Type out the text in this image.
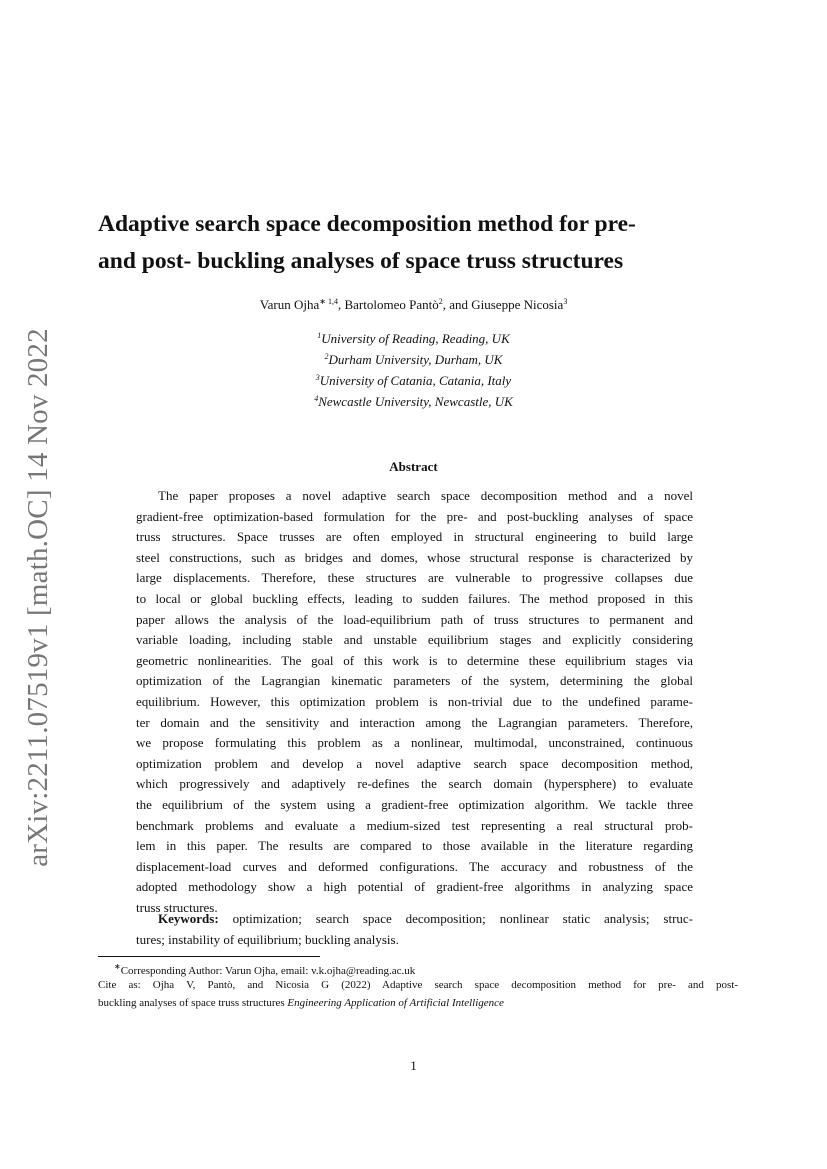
arXiv:2211.07519v1 [math.OC] 14 Nov 2022
Adaptive search space decomposition method for pre-
and post- buckling analyses of space truss structures
Varun Ojha$^{∗ 1,4}$, Bartolomeo Pantò$^2$, and Giuseppe Nicosia$^3$
$^1$University of Reading, Reading, UK
$^2$Durham University, Durham, UK
$^3$University of Catania, Catania, Italy
$^4$Newcastle University, Newcastle, UK
Abstract
The paper proposes a novel adaptive search space decomposition method and a novel
gradient-free optimization-based formulation for the pre- and post-buckling analyses of space
truss structures. Space trusses are often employed in structural engineering to build large
steel constructions, such as bridges and domes, whose structural response is characterized by
large displacements. Therefore, these structures are vulnerable to progressive collapses due
to local or global buckling effects, leading to sudden failures. The method proposed in this
paper allows the analysis of the load-equilibrium path of truss structures to permanent and
variable loading, including stable and unstable equilibrium stages and explicitly considering
geometric nonlinearities. The goal of this work is to determine these equilibrium stages via
optimization of the Lagrangian kinematic parameters of the system, determining the global
equilibrium. However, this optimization problem is non-trivial due to the undefined parame-
ter domain and the sensitivity and interaction among the Lagrangian parameters. Therefore,
we propose formulating this problem as a nonlinear, multimodal, unconstrained, continuous
optimization problem and develop a novel adaptive search space decomposition method,
which progressively and adaptively re-defines the search domain (hypersphere) to evaluate
the equilibrium of the system using a gradient-free optimization algorithm. We tackle three
benchmark problems and evaluate a medium-sized test representing a real structural prob-
lem in this paper. The results are compared to those available in the literature regarding
displacement-load curves and deformed configurations. The accuracy and robustness of the
adopted methodology show a high potential of gradient-free algorithms in analyzing space
truss structures.
Keywords: optimization; search space decomposition; nonlinear static analysis; struc-
tures; instability of equilibrium; buckling analysis.
∗Corresponding Author: Varun Ojha, email: v.k.ojha@reading.ac.uk
Cite as: Ojha V, Pantò, and Nicosia G (2022) Adaptive search space decomposition method for pre- and post-
buckling analyses of space truss structures Engineering Application of Artificial Intelligence
1
